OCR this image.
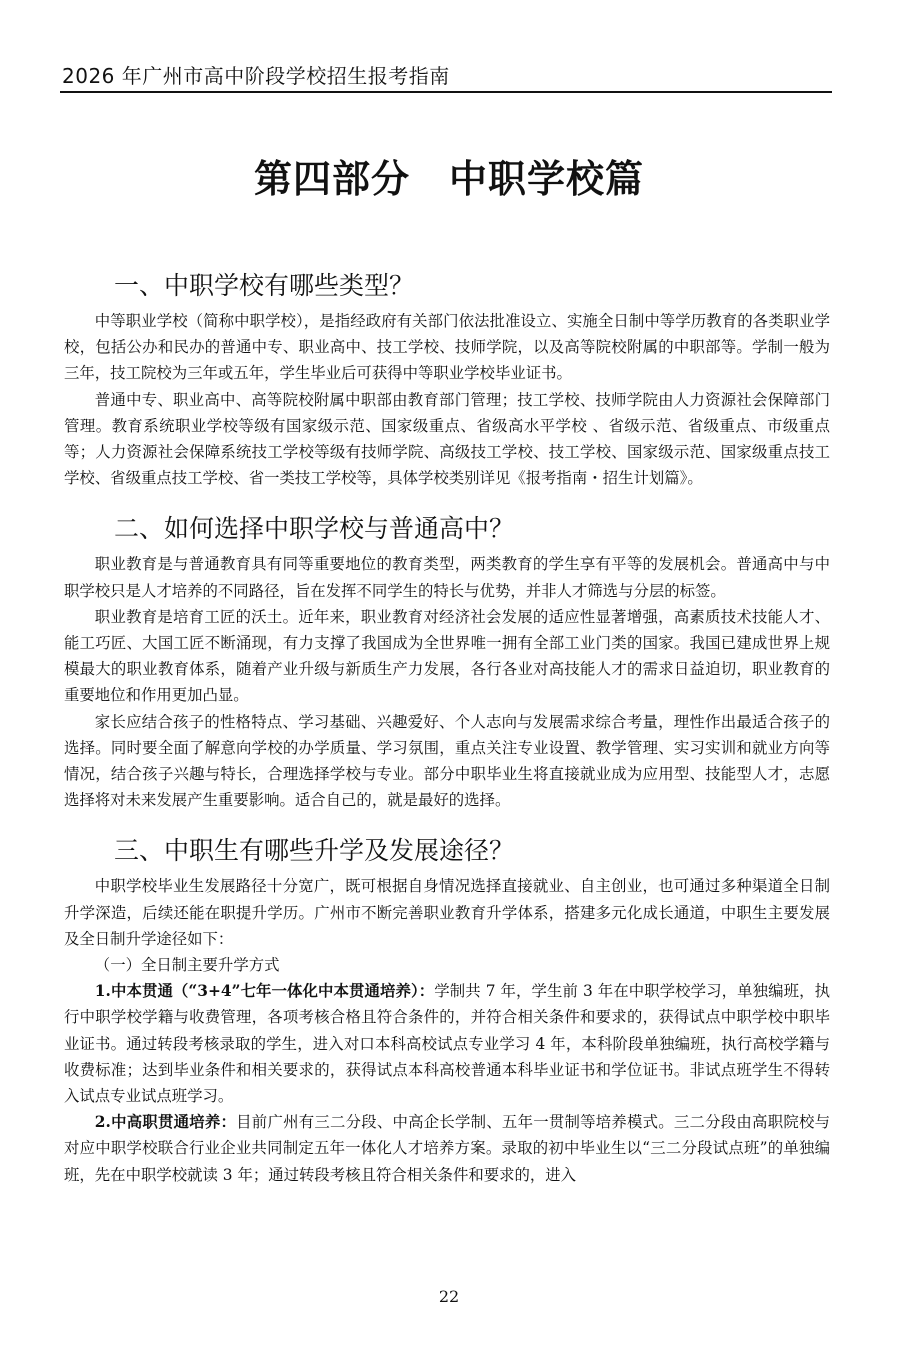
2026 年广州市高中阶段学校招生报考指南
第四部分　中职学校篇
一、中职学校有哪些类型？

中等职业学校（简称中职学校），是指经政府有关部门依法批准设立、实施全日制中等学历教育的各类职业学校，包括公办和民办的普通中专、职业高中、技工学校、技师学院，以及高等院校附属的中职部等。学制一般为三年，技工院校为三年或五年，学生毕业后可获得中等职业学校毕业证书。

普通中专、职业高中、高等院校附属中职部由教育部门管理；技工学校、技师学院由人力资源社会保障部门管理。教育系统职业学校等级有国家级示范、国家级重点、省级高水平学校 、省级示范、省级重点、市级重点等；人力资源社会保障系统技工学校等级有技师学院、高级技工学校、技工学校、国家级示范、国家级重点技工学校、省级重点技工学校、省一类技工学校等，具体学校类别详见《报考指南・招生计划篇》。

二、如何选择中职学校与普通高中？

职业教育是与普通教育具有同等重要地位的教育类型，两类教育的学生享有平等的发展机会。普通高中与中职学校只是人才培养的不同路径，旨在发挥不同学生的特长与优势，并非人才筛选与分层的标签。

职业教育是培育工匠的沃土。近年来，职业教育对经济社会发展的适应性显著增强，高素质技术技能人才、能工巧匠、大国工匠不断涌现，有力支撑了我国成为全世界唯一拥有全部工业门类的国家。我国已建成世界上规模最大的职业教育体系，随着产业升级与新质生产力发展，各行各业对高技能人才的需求日益迫切，职业教育的重要地位和作用更加凸显。

家长应结合孩子的性格特点、学习基础、兴趣爱好、个人志向与发展需求综合考量，理性作出最适合孩子的选择。同时要全面了解意向学校的办学质量、学习氛围，重点关注专业设置、教学管理、实习实训和就业方向等情况，结合孩子兴趣与特长，合理选择学校与专业。部分中职毕业生将直接就业成为应用型、技能型人才，志愿选择将对未来发展产生重要影响。适合自己的，就是最好的选择。

三、中职生有哪些升学及发展途径？

中职学校毕业生发展路径十分宽广，既可根据自身情况选择直接就业、自主创业，也可通过多种渠道全日制升学深造，后续还能在职提升学历。广州市不断完善职业教育升学体系，搭建多元化成长通道，中职生主要发展及全日制升学途径如下：

（一）全日制主要升学方式

1.中本贯通（“3+4”七年一体化中本贯通培养）：学制共 7 年，学生前 3 年在中职学校学习，单独编班，执行中职学校学籍与收费管理，各项考核合格且符合条件的，并符合相关条件和要求的，获得试点中职学校中职毕业证书。通过转段考核录取的学生，进入对口本科高校试点专业学习 4 年，本科阶段单独编班，执行高校学籍与收费标准；达到毕业条件和相关要求的，获得试点本科高校普通本科毕业证书和学位证书。非试点班学生不得转入试点专业试点班学习。

2.中高职贯通培养：目前广州有三二分段、中高企长学制、五年一贯制等培养模式。三二分段由高职院校与对应中职学校联合行业企业共同制定五年一体化人才培养方案。录取的初中毕业生以“三二分段试点班”的单独编班，先在中职学校就读 3 年；通过转段考核且符合相关条件和要求的，进入

22
